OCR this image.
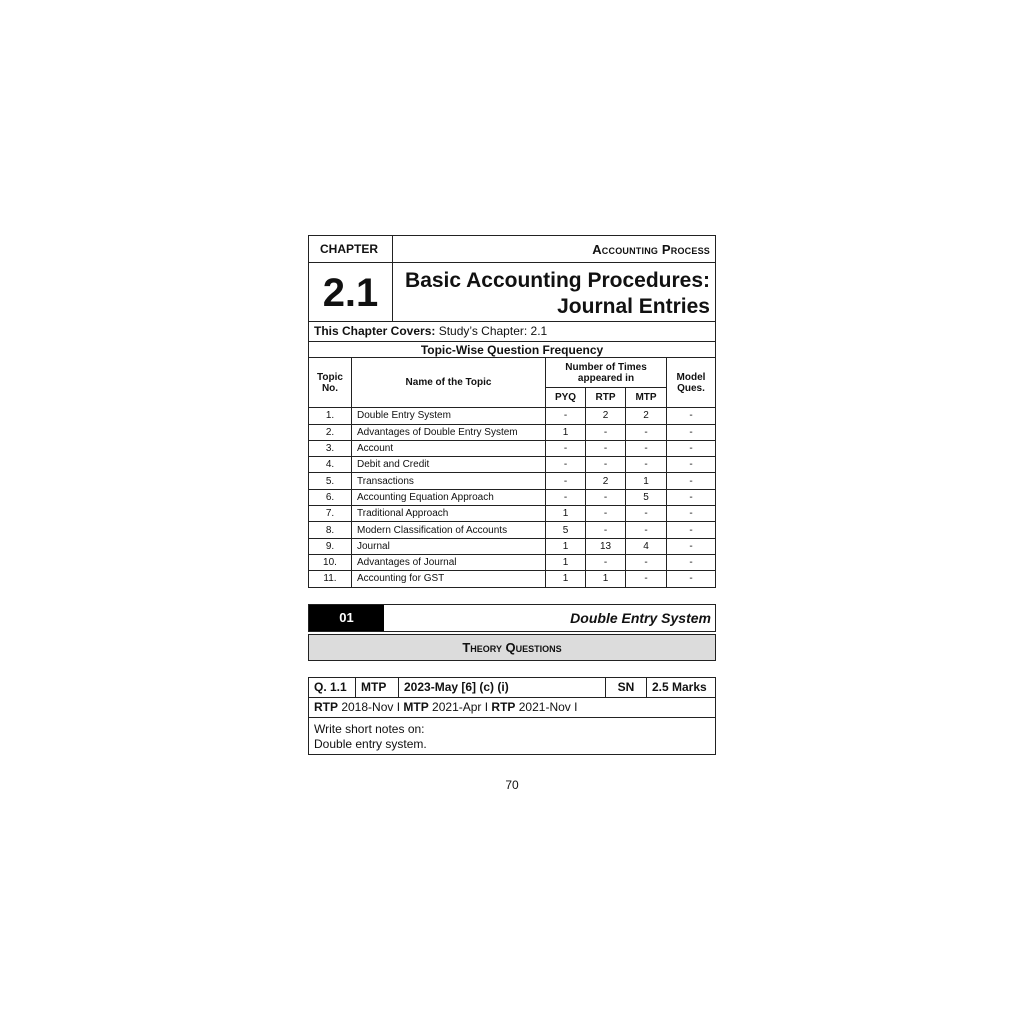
CHAPTER	Accounting Process
2.1	Basic Accounting Procedures:
Journal Entries
This Chapter Covers: Study’s Chapter: 2.1
Topic-Wise Question Frequency					
Topic No.	Name of the Topic	Number of Times appeared in			Model Ques.
		PYQ	RTP	MTP	
1.	Double Entry System	-	2	2	-
2.	Advantages of Double Entry System	1	-	-	-
3.	Account	-	-	-	-
4.	Debit and Credit	-	-	-	-
5.	Transactions	-	2	1	-
6.	Accounting Equation Approach	-	-	5	-
7.	Traditional Approach	1	-	-	-
8.	Modern Classification of Accounts	5	-	-	-
9.	Journal	1	13	4	-
10.	Advantages of Journal	1	-	-	-
11.	Accounting for GST	1	1	-	-
01	Double Entry System
Theory Questions
Q. 1.1	MTP	2023-May [6] (c) (i)	SN	2.5 Marks
RTP 2018-Nov I MTP 2021-Apr I RTP 2021-Nov I
Write short notes on:
Double entry system.
70
